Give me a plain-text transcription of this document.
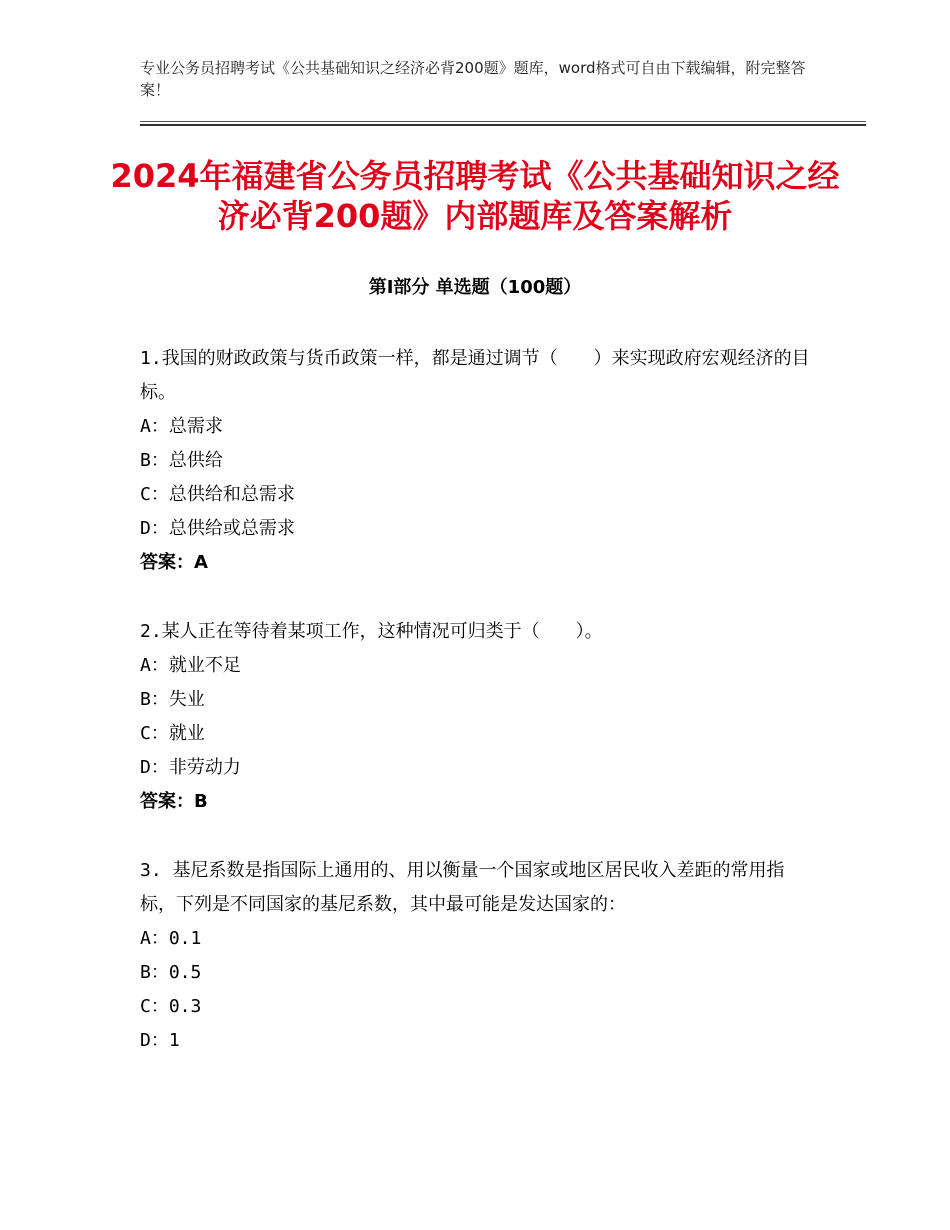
专业公务员招聘考试《公共基础知识之经济必背200题》题库，word格式可自由下载编辑，附完整答案！
2024年福建省公务员招聘考试《公共基础知识之经济必背200题》内部题库及答案解析
第Ⅰ部分 单选题（100题）

1.我国的财政政策与货币政策一样，都是通过调节（　　）来实现政府宏观经济的目标。

A：总需求

B：总供给

C：总供给和总需求

D：总供给或总需求

答案：A

2.某人正在等待着某项工作，这种情况可归类于（　　）。

A：就业不足

B：失业

C：就业

D：非劳动力

答案：B

3. 基尼系数是指国际上通用的、用以衡量一个国家或地区居民收入差距的常用指标，下列是不同国家的基尼系数，其中最可能是发达国家的：

A：0.1

B：0.5

C：0.3

D：1
